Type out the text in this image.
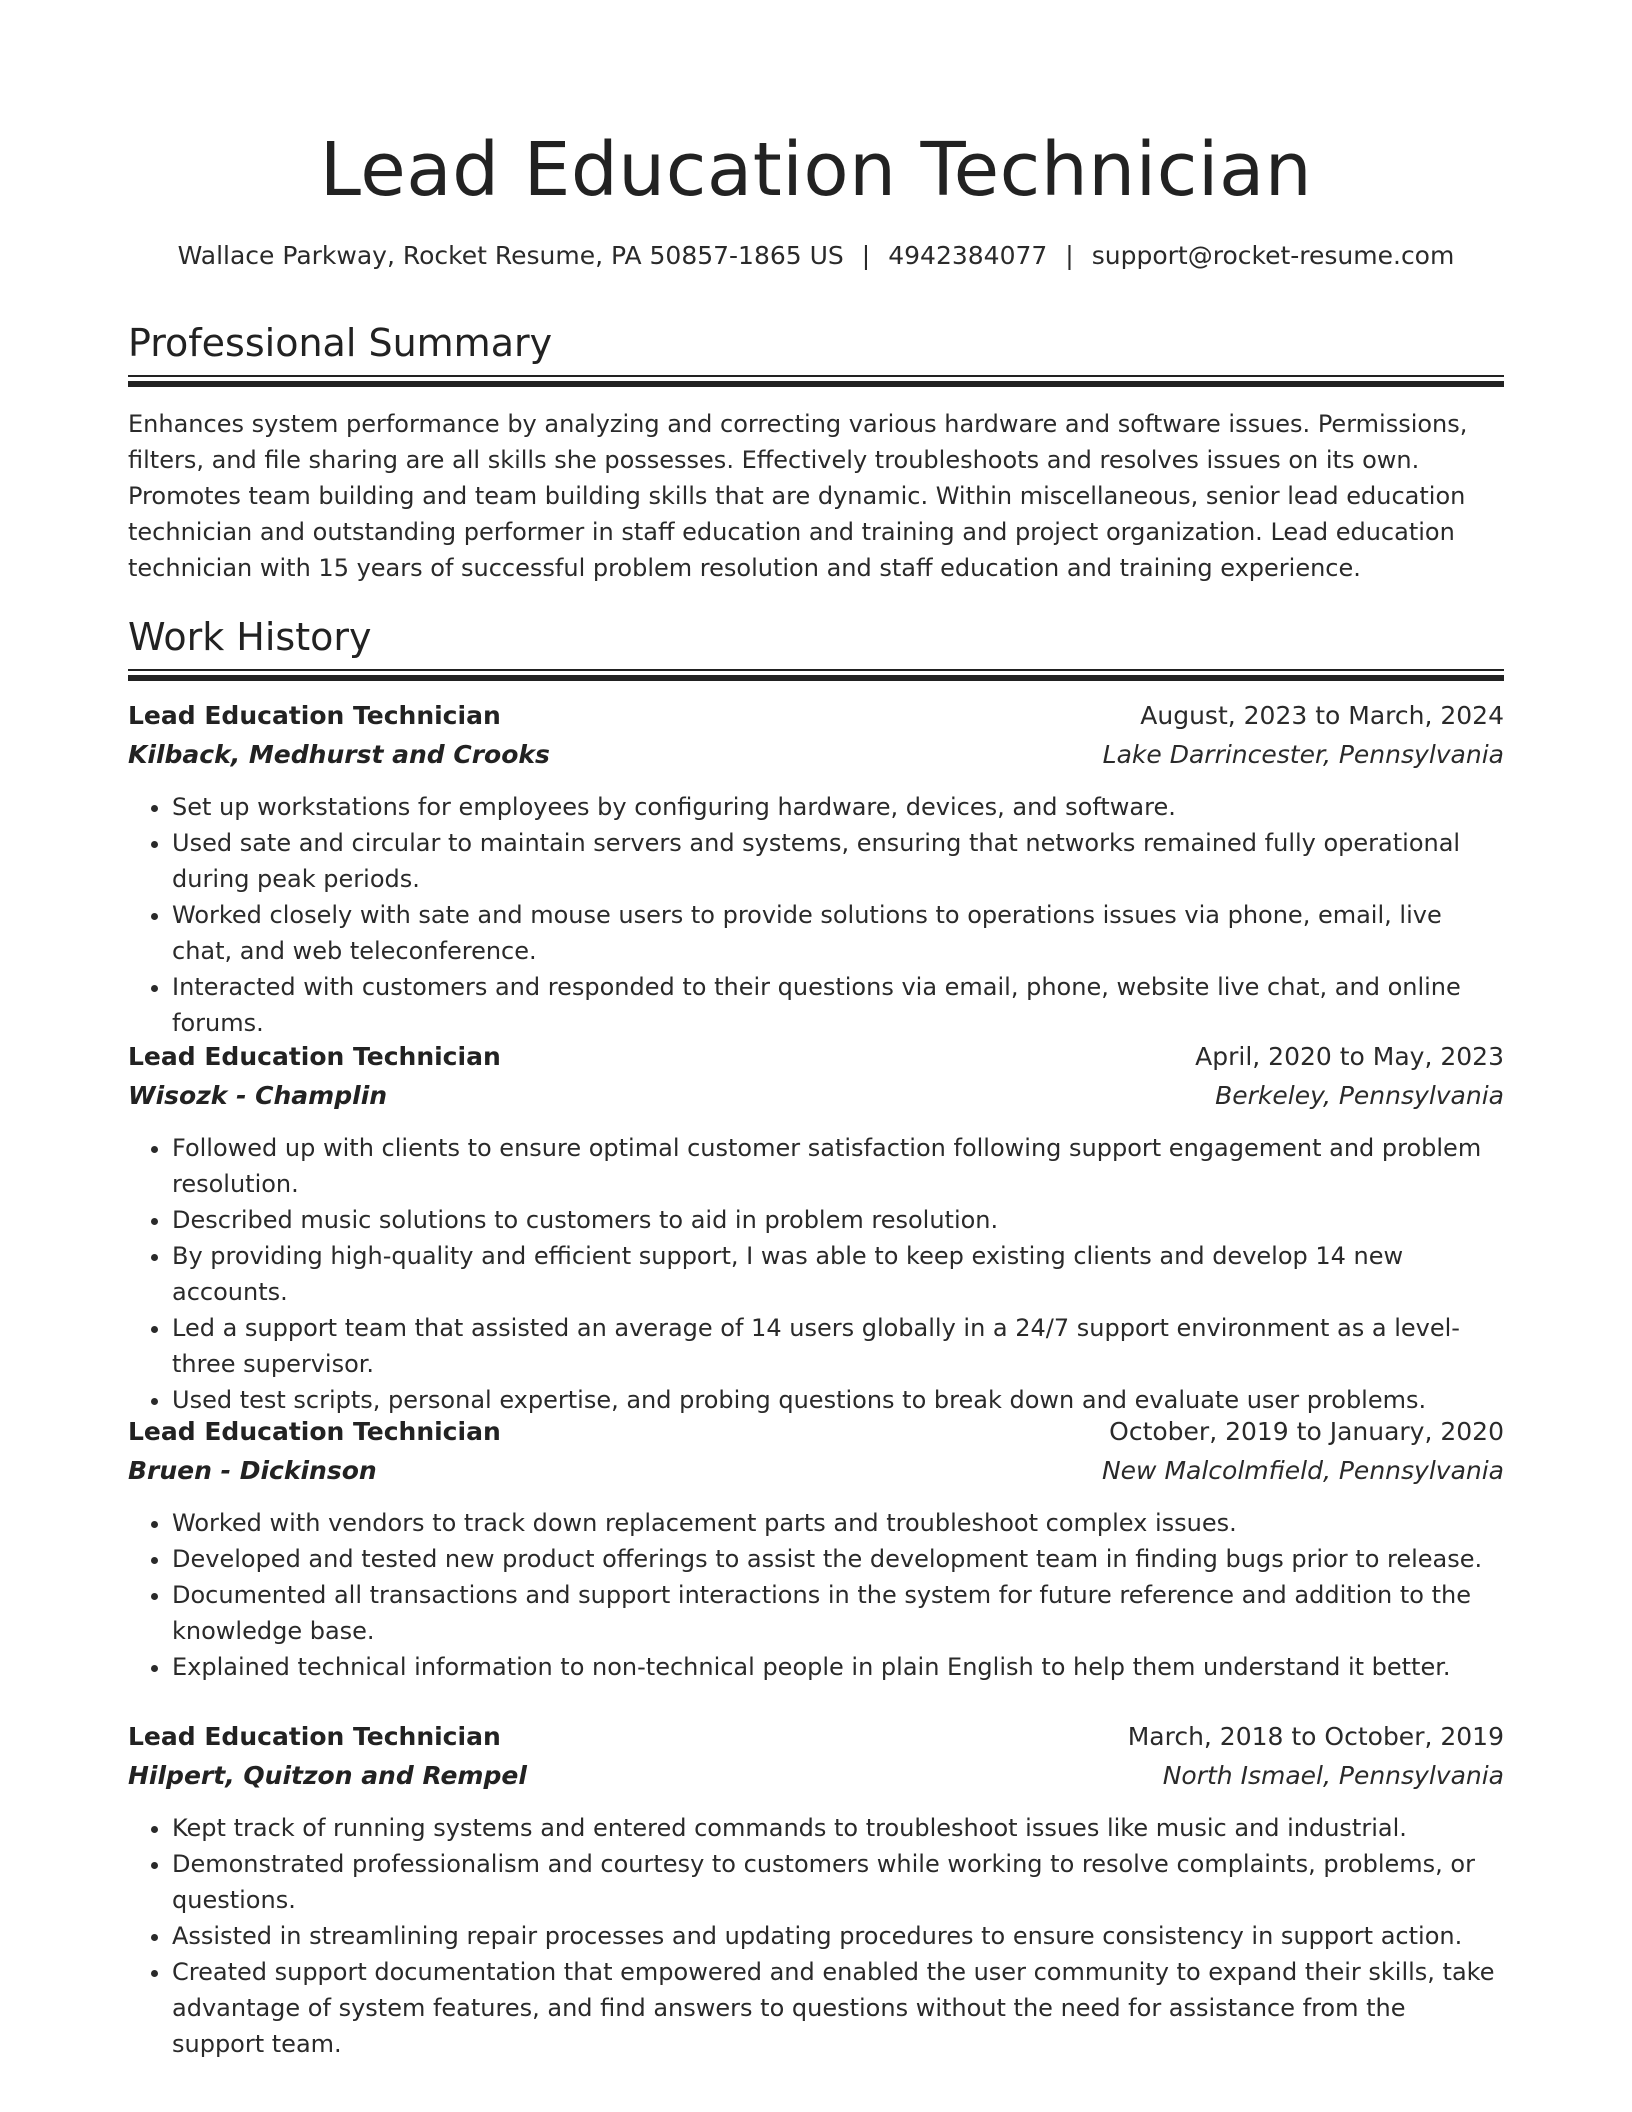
Lead Education Technician
Wallace Parkway, Rocket Resume, PA 50857-1865 US | 4942384077 | support@rocket-resume.com
Professional Summary
Enhances system performance by analyzing and correcting various hardware and software issues. Permissions, filters, and file sharing are all skills she possesses. Effectively troubleshoots and resolves issues on its own. Promotes team building and team building skills that are dynamic. Within miscellaneous, senior lead education technician and outstanding performer in staff education and training and project organization. Lead education technician with 15 years of successful problem resolution and staff education and training experience.
Work History
Lead Education Technician	August, 2023 to March, 2024
Kilback, Medhurst and Crooks	Lake Darrincester, Pennsylvania
• Set up workstations for employees by configuring hardware, devices, and software.
• Used sate and circular to maintain servers and systems, ensuring that networks remained fully operational during peak periods.
• Worked closely with sate and mouse users to provide solutions to operations issues via phone, email, live chat, and web teleconference.
• Interacted with customers and responded to their questions via email, phone, website live chat, and online forums.
Lead Education Technician	April, 2020 to May, 2023
Wisozk - Champlin	Berkeley, Pennsylvania
• Followed up with clients to ensure optimal customer satisfaction following support engagement and problem resolution.
• Described music solutions to customers to aid in problem resolution.
• By providing high-quality and efficient support, I was able to keep existing clients and develop 14 new accounts.
• Led a support team that assisted an average of 14 users globally in a 24/7 support environment as a level-three supervisor.
• Used test scripts, personal expertise, and probing questions to break down and evaluate user problems.
Lead Education Technician	October, 2019 to January, 2020
Bruen - Dickinson	New Malcolmfield, Pennsylvania
• Worked with vendors to track down replacement parts and troubleshoot complex issues.
• Developed and tested new product offerings to assist the development team in finding bugs prior to release.
• Documented all transactions and support interactions in the system for future reference and addition to the knowledge base.
• Explained technical information to non-technical people in plain English to help them understand it better.
Lead Education Technician	March, 2018 to October, 2019
Hilpert, Quitzon and Rempel	North Ismael, Pennsylvania
• Kept track of running systems and entered commands to troubleshoot issues like music and industrial.
• Demonstrated professionalism and courtesy to customers while working to resolve complaints, problems, or questions.
• Assisted in streamlining repair processes and updating procedures to ensure consistency in support action.
• Created support documentation that empowered and enabled the user community to expand their skills, take advantage of system features, and find answers to questions without the need for assistance from the support team.
